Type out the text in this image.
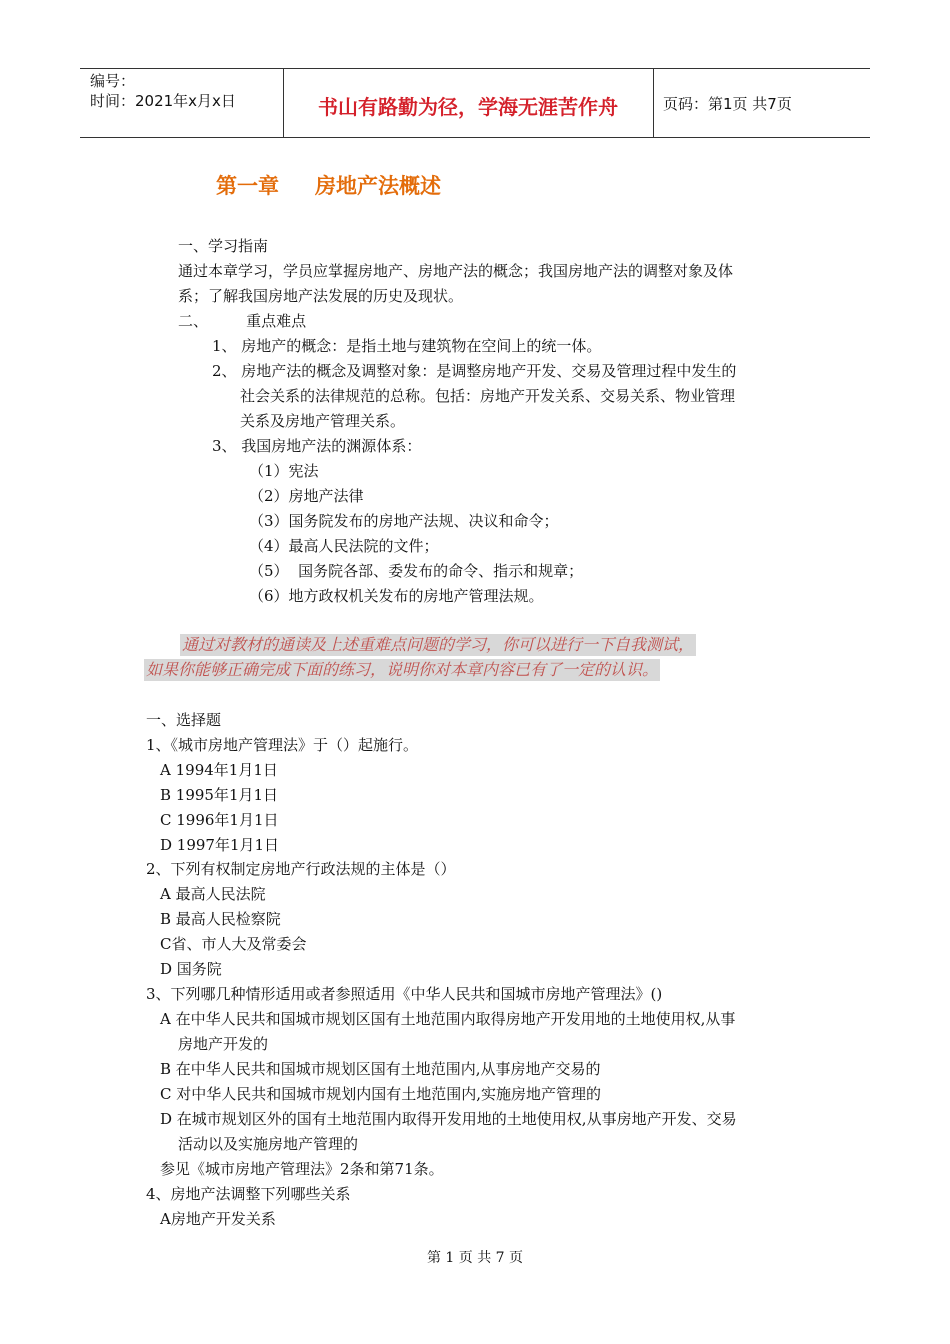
编号：
时间：2021年x月x日	书山有路勤为径，学海无涯苦作舟	页码：第1页 共7页
第一章 房地产法概述
一、学习指南
通过本章学习，学员应掌握房地产、房地产法的概念；我国房地产法的调整对象及体
系；了解我国房地产法发展的历史及现状。
二、        重点难点
1、 房地产的概念：是指土地与建筑物在空间上的统一体。
2、 房地产法的概念及调整对象：是调整房地产开发、交易及管理过程中发生的
社会关系的法律规范的总称。包括：房地产开发关系、交易关系、物业管理
关系及房地产管理关系。
3、 我国房地产法的渊源体系：
（1）宪法
（2）房地产法律
（3）国务院发布的房地产法规、决议和命令；
（4）最高人民法院的文件；
（5）  国务院各部、委发布的命令、指示和规章；
（6）地方政权机关发布的房地产管理法规。
通过对教材的通读及上述重难点问题的学习，你可以进行一下自我测试，
如果你能够正确完成下面的练习，说明你对本章内容已有了一定的认识。
一、选择题
1、《城市房地产管理法》于（）起施行。
A 1994年1月1日
B 1995年1月1日
C 1996年1月1日
D 1997年1月1日
2、下列有权制定房地产行政法规的主体是（）
A 最高人民法院
B 最高人民检察院
C省、市人大及常委会
D 国务院
3、下列哪几种情形适用或者参照适用《中华人民共和国城市房地产管理法》()
A 在中华人民共和国城市规划区国有土地范围内取得房地产开发用地的土地使用权,从事
房地产开发的
B 在中华人民共和国城市规划区国有土地范围内,从事房地产交易的
C 对中华人民共和国城市规划内国有土地范围内,实施房地产管理的
D 在城市规划区外的国有土地范围内取得开发用地的土地使用权,从事房地产开发、交易
活动以及实施房地产管理的
参见《城市房地产管理法》2条和第71条。
4、房地产法调整下列哪些关系
A房地产开发关系
第 1 页 共 7 页
